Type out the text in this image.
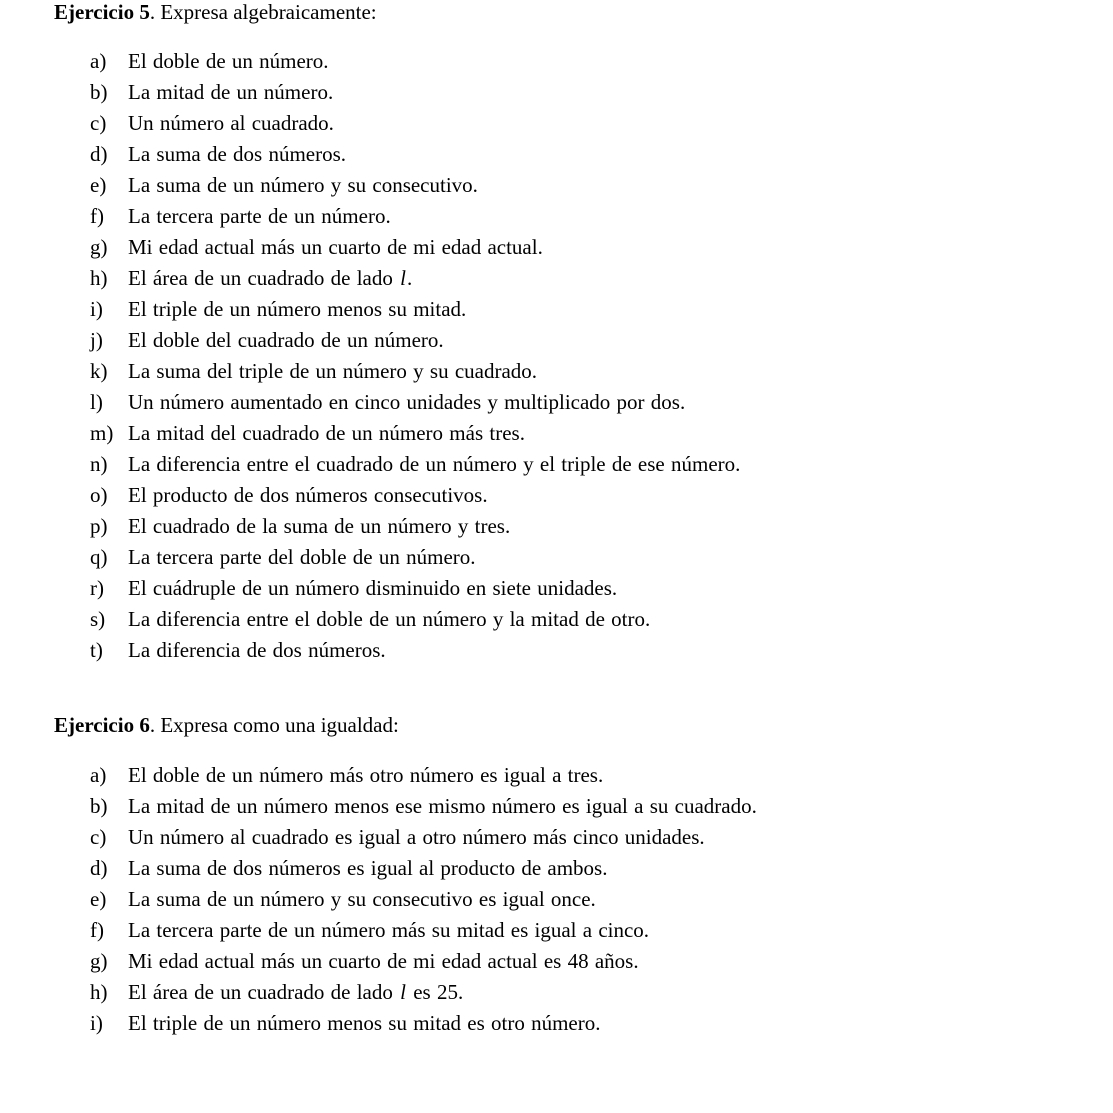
Ejercicio 5. Expresa algebraicamente:
a) El doble de un número.
b) La mitad de un número.
c) Un número al cuadrado.
d) La suma de dos números.
e) La suma de un número y su consecutivo.
f) La tercera parte de un número.
g) Mi edad actual más un cuarto de mi edad actual.
h) El área de un cuadrado de lado l.
i) El triple de un número menos su mitad.
j) El doble del cuadrado de un número.
k) La suma del triple de un número y su cuadrado.
l) Un número aumentado en cinco unidades y multiplicado por dos.
m) La mitad del cuadrado de un número más tres.
n) La diferencia entre el cuadrado de un número y el triple de ese número.
o) El producto de dos números consecutivos.
p) El cuadrado de la suma de un número y tres.
q) La tercera parte del doble de un número.
r) El cuádruple de un número disminuido en siete unidades.
s) La diferencia entre el doble de un número y la mitad de otro.
t) La diferencia de dos números.
Ejercicio 6. Expresa como una igualdad:
a) El doble de un número más otro número es igual a tres.
b) La mitad de un número menos ese mismo número es igual a su cuadrado.
c) Un número al cuadrado es igual a otro número más cinco unidades.
d) La suma de dos números es igual al producto de ambos.
e) La suma de un número y su consecutivo es igual once.
f) La tercera parte de un número más su mitad es igual a cinco.
g) Mi edad actual más un cuarto de mi edad actual es 48 años.
h) El área de un cuadrado de lado l es 25.
i) El triple de un número menos su mitad es otro número.
